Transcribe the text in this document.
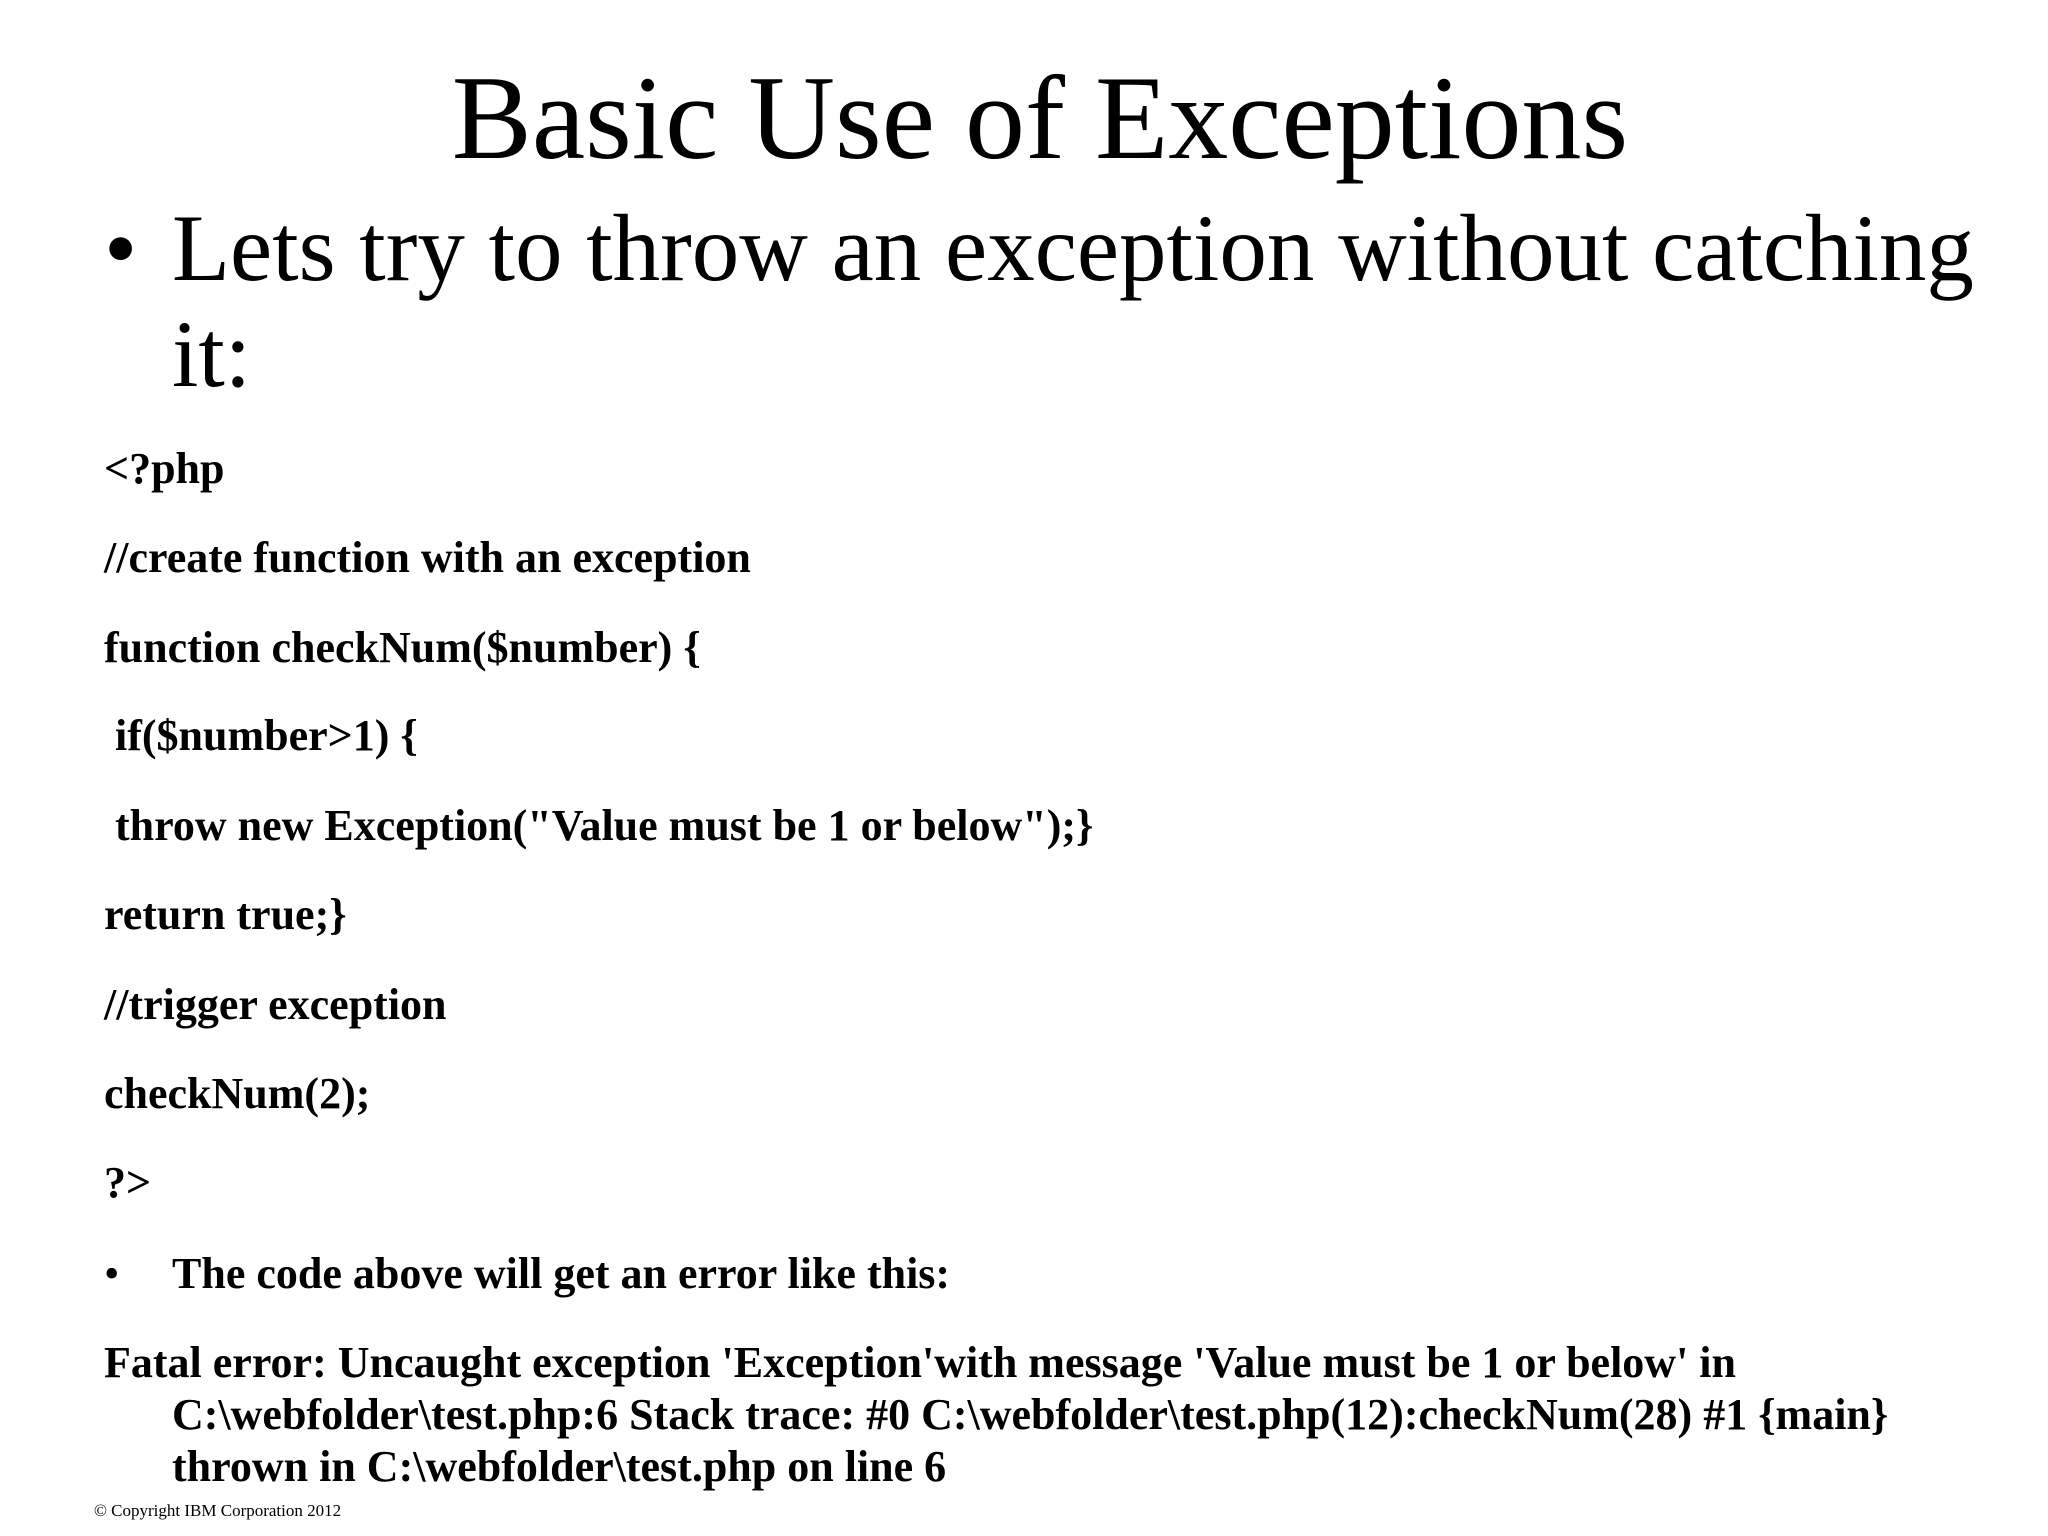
Basic Use of Exceptions
• Lets try to throw an exception without catching it:
<?php
//create function with an exception
function checkNum($number) {
if($number>1) {
throw new Exception("Value must be 1 or below");}
return true;}
//trigger exception
checkNum(2);
?>
• The code above will get an error like this:
Fatal error: Uncaught exception 'Exception'with message 'Value must be 1 or below' in C:\webfolder\test.php:6 Stack trace: #0 C:\webfolder\test.php(12):checkNum(28) #1 {main} thrown in C:\webfolder\test.php on line 6
© Copyright IBM Corporation 2012
